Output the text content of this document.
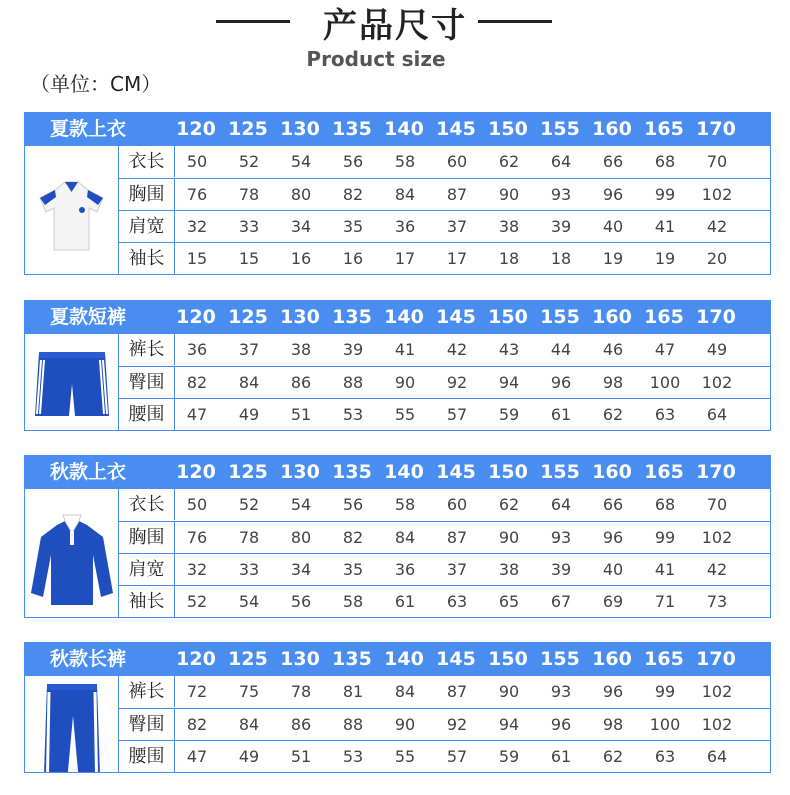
产品尺寸
Product size
（单位：CM）
夏款上衣	120 125 130 135 140 145 150 155 160 165 170
衣长	50	52	54	56	58	60	62	64	66	68	70
胸围	76	78	80	82	84	87	90	93	96	99	102
肩宽	32	33	34	35	36	37	38	39	40	41	42
袖长	15	15	16	16	17	17	18	18	19	19	20
夏款短裤	120 125 130 135 140 145 150 155 160 165 170
裤长	36	37	38	39	41	42	43	44	46	47	49
臀围	82	84	86	88	90	92	94	96	98	100	102
腰围	47	49	51	53	55	57	59	61	62	63	64
秋款上衣	120 125 130 135 140 145 150 155 160 165 170
衣长	50	52	54	56	58	60	62	64	66	68	70
胸围	76	78	80	82	84	87	90	93	96	99	102
肩宽	32	33	34	35	36	37	38	39	40	41	42
袖长	52	54	56	58	61	63	65	67	69	71	73
秋款长裤	120 125 130 135 140 145 150 155 160 165 170
裤长	72	75	78	81	84	87	90	93	96	99	102
臀围	82	84	86	88	90	92	94	96	98	100	102
腰围	47	49	51	53	55	57	59	61	62	63	64
